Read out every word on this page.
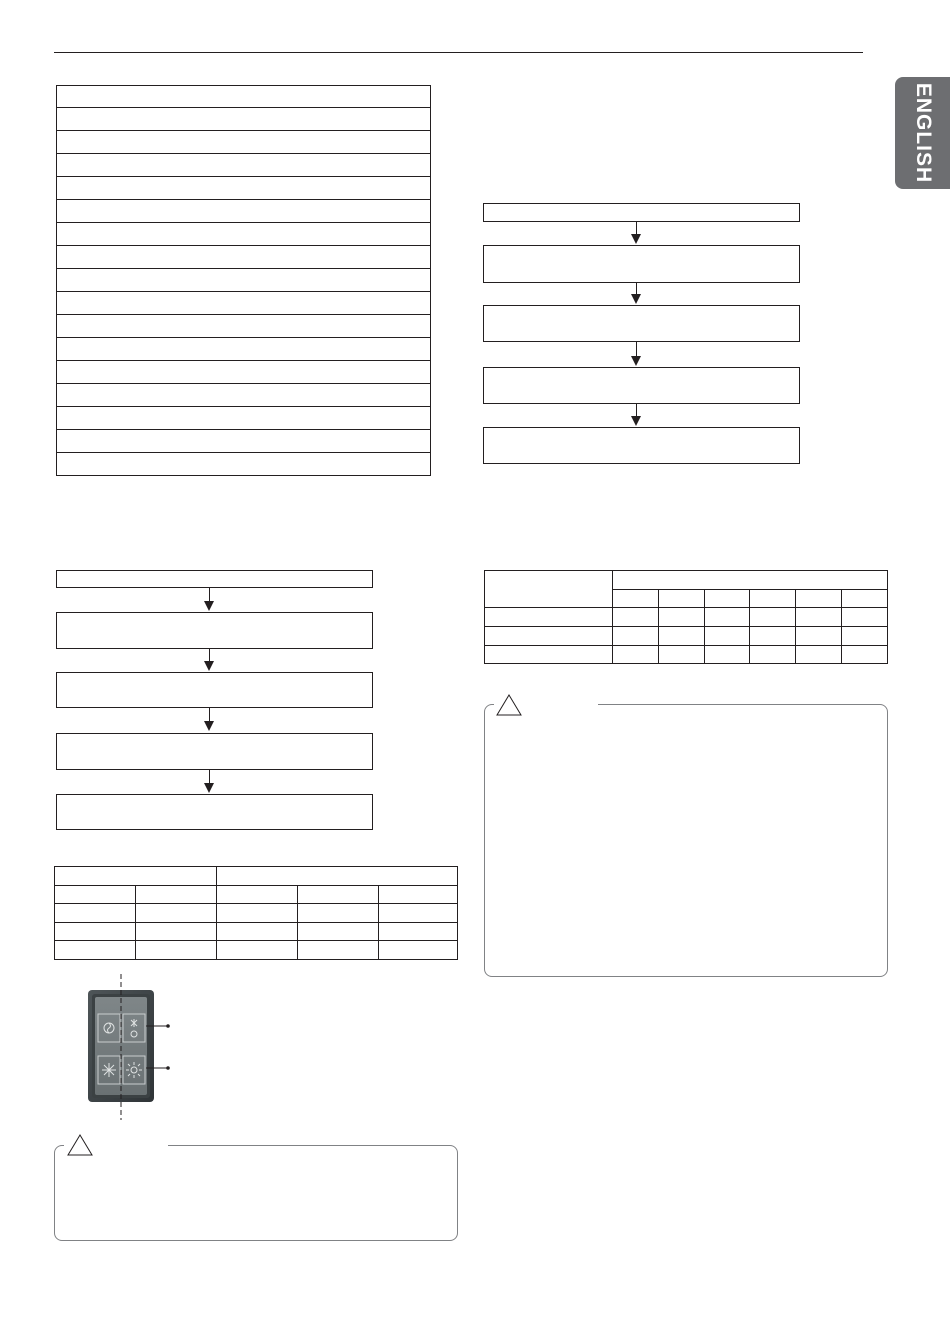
ENGLISH
